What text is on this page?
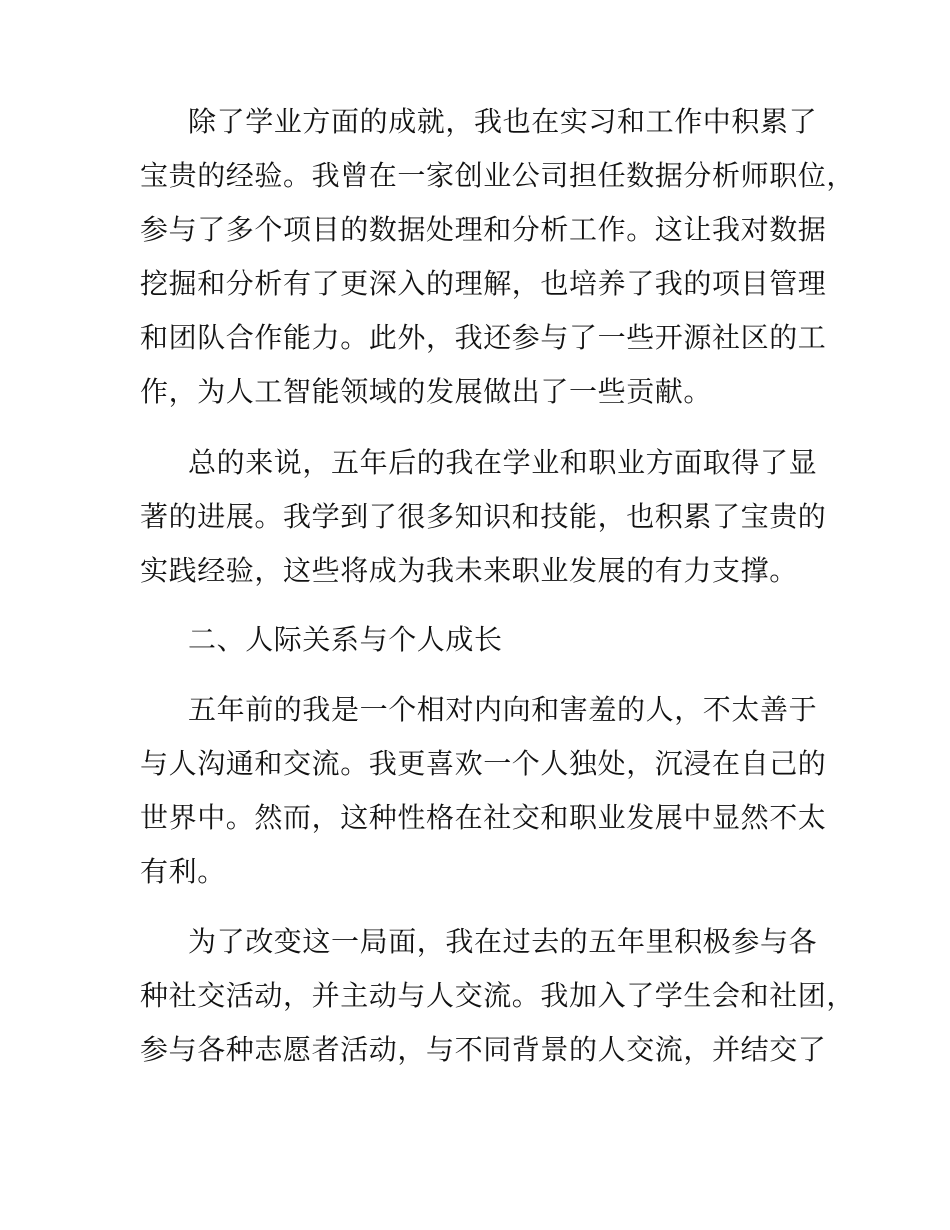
除了学业方面的成就，我也在实习和工作中积累了
宝贵的经验。我曾在一家创业公司担任数据分析师职位，
参与了多个项目的数据处理和分析工作。这让我对数据
挖掘和分析有了更深入的理解，也培养了我的项目管理
和团队合作能力。此外，我还参与了一些开源社区的工
作，为人工智能领域的发展做出了一些贡献。
总的来说，五年后的我在学业和职业方面取得了显
著的进展。我学到了很多知识和技能，也积累了宝贵的
实践经验，这些将成为我未来职业发展的有力支撑。
二、人际关系与个人成长
五年前的我是一个相对内向和害羞的人，不太善于
与人沟通和交流。我更喜欢一个人独处，沉浸在自己的
世界中。然而，这种性格在社交和职业发展中显然不太
有利。
为了改变这一局面，我在过去的五年里积极参与各
种社交活动，并主动与人交流。我加入了学生会和社团，
参与各种志愿者活动，与不同背景的人交流，并结交了
